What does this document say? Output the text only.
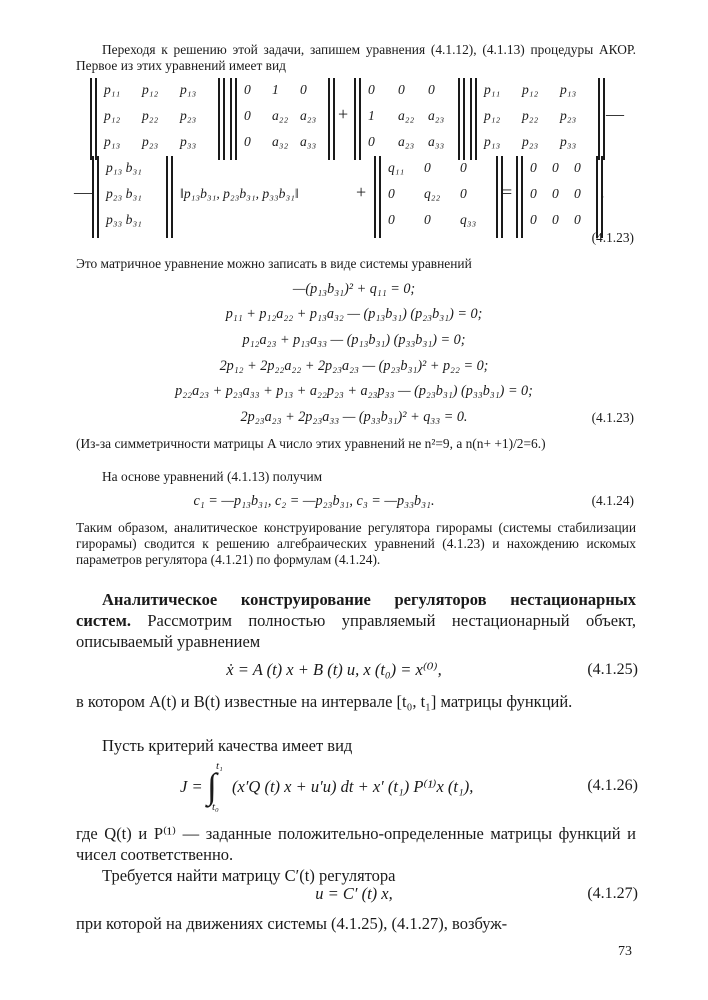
Переходя к решению этой задачи, запишем уравнения (4.1.12), (4.1.13) процедуры АКОР. Первое из этих уравнений имеет вид
p₁₁ p₁₂ p₁₃
p₁₂ p₂₂ p₂₃
p₁₃ p₂₃ p₃₃
0 1 0
0 a₂₂ a₂₃
0 a₃₂ a₃₃
+
0 0 0
1 a₂₂ a₂₃
0 a₂₃ a₃₃
p₁₁ p₁₂ p₁₃
p₁₂ p₂₂ p₂₃
p₁₃ p₂₃ p₃₃
—
—
p₁₃ b₃₁
p₂₃ b₃₁
p₃₃ b₃₁
‖p₁₃b₃₁, p₂₃b₃₁, p₃₃b₃₁‖	+
q₁₁ 0 0
0 q₂₂ 0
0 0 q₃₃
=
0 0 0
0 0 0
0 0 0
.
(4.1.23)
Это матричное уравнение можно записать в виде системы уравнений
—(p₁₃b₃₁)² + q₁₁ = 0;
p₁₁ + p₁₂a₂₂ + p₁₃a₃₂ — (p₁₃b₃₁) (p₂₃b₃₁) = 0;
p₁₂a₂₃ + p₁₃a₃₃ — (p₁₃b₃₁) (p₃₃b₃₁) = 0;
2p₁₂ + 2p₂₂a₂₂ + 2p₂₃a₂₃ — (p₂₃b₃₁)² + p₂₂ = 0;
p₂₂a₂₃ + p₂₃a₃₃ + p₁₃ + a₂₂p₂₃ + a₂₃p₃₃ — (p₂₃b₃₁) (p₃₃b₃₁) = 0;
2p₂₃a₂₃ + 2p₂₃a₃₃ — (p₃₃b₃₁)² + q₃₃ = 0.	(4.1.23)
(Из-за симметричности матрицы A число этих уравнений не n²=9, а n(n+ +1)/2=6.)
На основе уравнений (4.1.13) получим
c₁ = —p₁₃b₃₁, c₂ = —p₂₃b₃₁, c₃ = —p₃₃b₃₁.	(4.1.24)
Таким образом, аналитическое конструирование регулятора гирорамы (системы стабилизации гирорамы) сводится к решению алгебраических уравнений (4.1.23) и нахождению искомых параметров регулятора (4.1.21) по формулам (4.1.24).
Аналитическое конструирование регуляторов нестационарных систем. Рассмотрим полностью управляемый нестационарный объект, описываемый уравнением
ẋ = A (t) x + B (t) u, x (t₀) = x⁽⁰⁾,	(4.1.25)
в котором A(t) и B(t) известные на интервале [t₀, t₁] матрицы функций.
Пусть критерий качества имеет вид
J =
t₁
∫
t₀
(x′Q (t) x + u′u) dt + x′ (t₁) P⁽¹⁾x (t₁),	(4.1.26)
где Q(t) и P⁽¹⁾ — заданные положительно-определенные матрицы функций и чисел соответственно.
Требуется найти матрицу C′(t) регулятора
u = C′ (t) x,	(4.1.27)
при которой на движениях системы (4.1.25), (4.1.27), возбуж-
73
